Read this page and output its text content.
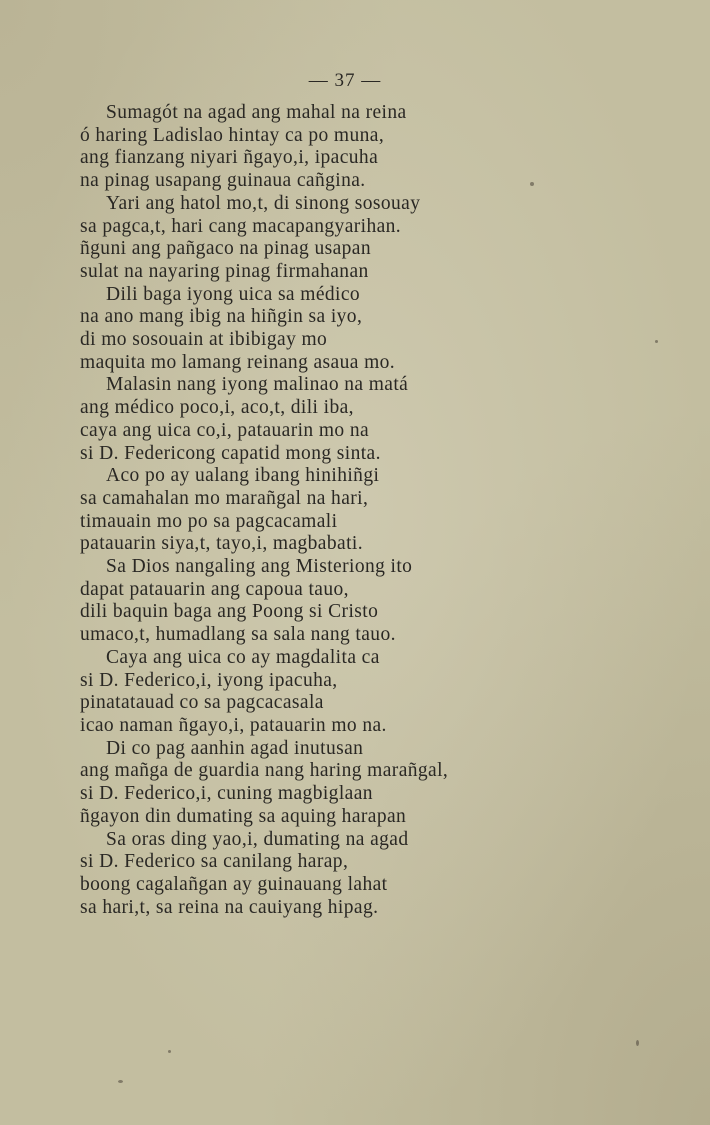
— 37 —
Sumagót na agad ang mahal na reina
ó haring Ladislao hintay ca po muna,
ang fianzang niyari ñgayo,i, ipacuha
na pinag usapang guinaua cañgina.
Yari ang hatol mo,t, di sinong sosouay
sa pagca,t, hari cang macapangyarihan.
ñguni ang pañgaco na pinag usapan
sulat na nayaring pinag firmahanan
Dili baga iyong uica sa médico
na ano mang ibig na hiñgin sa iyo,
di mo sosouain at ibibigay mo
maquita mo lamang reinang asaua mo.
Malasin nang iyong malinao na matá
ang médico poco,i, aco,t, dili iba,
caya ang uica co,i, patauarin mo na
si D. Federicong capatid mong sinta.
Aco po ay ualang ibang hinihiñgi
sa camahalan mo marañgal na hari,
timauain mo po sa pagcacamali
patauarin siya,t, tayo,i, magbabati.
Sa Dios nangaling ang Misteriong ito
dapat patauarin ang capoua tauo,
dili baquin baga ang Poong si Cristo
umaco,t, humadlang sa sala nang tauo.
Caya ang uica co ay magdalita ca
si D. Federico,i, iyong ipacuha,
pinatatauad co sa pagcacasala
icao naman ñgayo,i, patauarin mo na.
Di co pag aanhin agad inutusan
ang mañga de guardia nang haring marañgal,
si D. Federico,i, cuning magbiglaan
ñgayon din dumating sa aquing harapan
Sa oras ding yao,i, dumating na agad
si D. Federico sa canilang harap,
boong cagalañgan ay guinauang lahat
sa hari,t, sa reina na cauiyang hipag.
